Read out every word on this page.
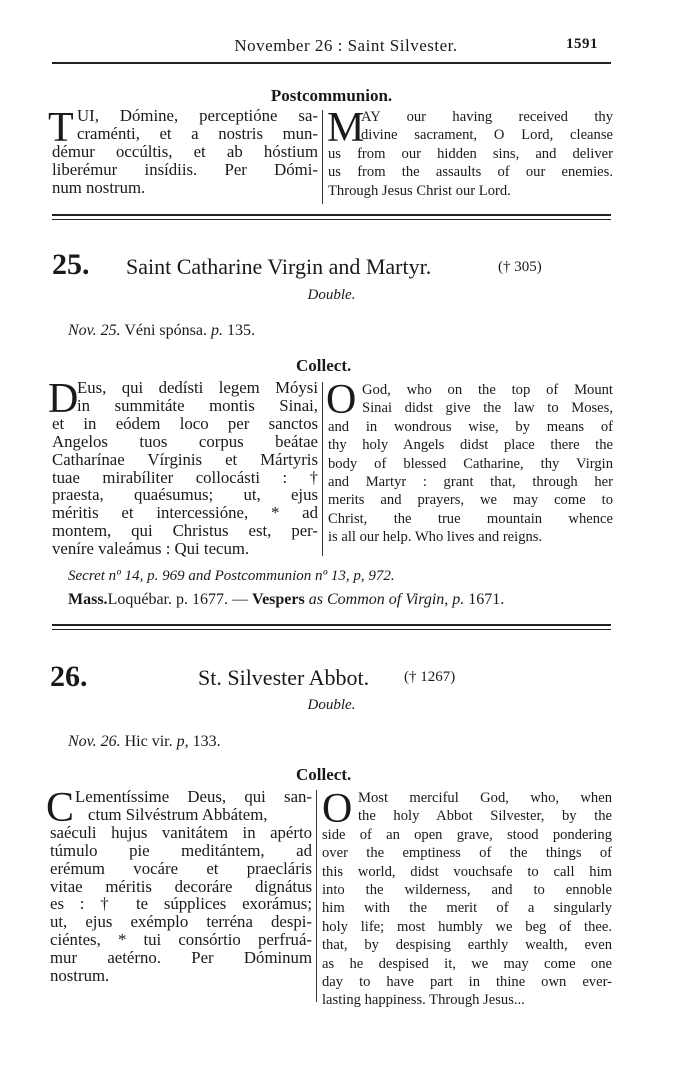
November 26 : Saint Silvester.	1591
Postcommunion.
T UI, Dómine, perceptióne sa-
craménti, et a nostris mun-
démur occúltis, et ab hóstium
liberémur insídiis. Per Dómi-
num nostrum.
M
AY our having received thy
divine sacrament, O Lord, cleanse
us from our hidden sins, and deliver
us from the assaults of our enemies.
Through Jesus Christ our Lord.
25. Saint Catharine Virgin and Martyr.	(† 305)
Double.
Nov. 25. Véni spónsa. p. 135.
Collect.
D
Eus, qui dedísti legem Móysi
in summitáte montis Sinai,
et in eódem loco per sanctos
Angelos tuos corpus beátae
Catharínae Vírginis et Mártyris
tuae mirabíliter collocásti : †
praesta, quaésumus; ut, ejus
méritis et intercessióne, * ad
montem, qui Christus est, per-
veníre valeámus : Qui tecum.
O God, who on the top of Mount
Sinai didst give the law to Moses,
and in wondrous wise, by means of
thy holy Angels didst place there the
body of blessed Catharine, thy Virgin
and Martyr : grant that, through her
merits and prayers, we may come to
Christ, the true mountain whence
is all our help. Who lives and reigns.
Secret nº 14, p. 969 and Postcommunion nº 13, p, 972.
Mass.Loquébar. p. 1677. — Vespers as Common of Virgin, p. 1671.
26.	St. Silvester Abbot. († 1267)
Double.
Nov. 26. Hic vir. p, 133.
Collect.
C Lementíssime Deus, qui san-
ctum Silvéstrum Abbátem,
saéculi hujus vanitátem in apérto
túmulo pie meditántem, ad
erémum vocáre et praecláris
vitae méritis decoráre dignátus
es : † te súpplices exorámus;
ut, ejus exémplo terréna despi-
ciéntes, * tui consórtio perfruá-
mur aetérno. Per Dóminum
nostrum.
O Most merciful God, who, when
the holy Abbot Silvester, by the
side of an open grave, stood pondering
over the emptiness of the things of
this world, didst vouchsafe to call him
into the wilderness, and to ennoble
him with the merit of a singularly
holy life; most humbly we beg of thee.
that, by despising earthly wealth, even
as he despised it, we may come one
day to have part in thine own ever-
lasting happiness. Through Jesus...
